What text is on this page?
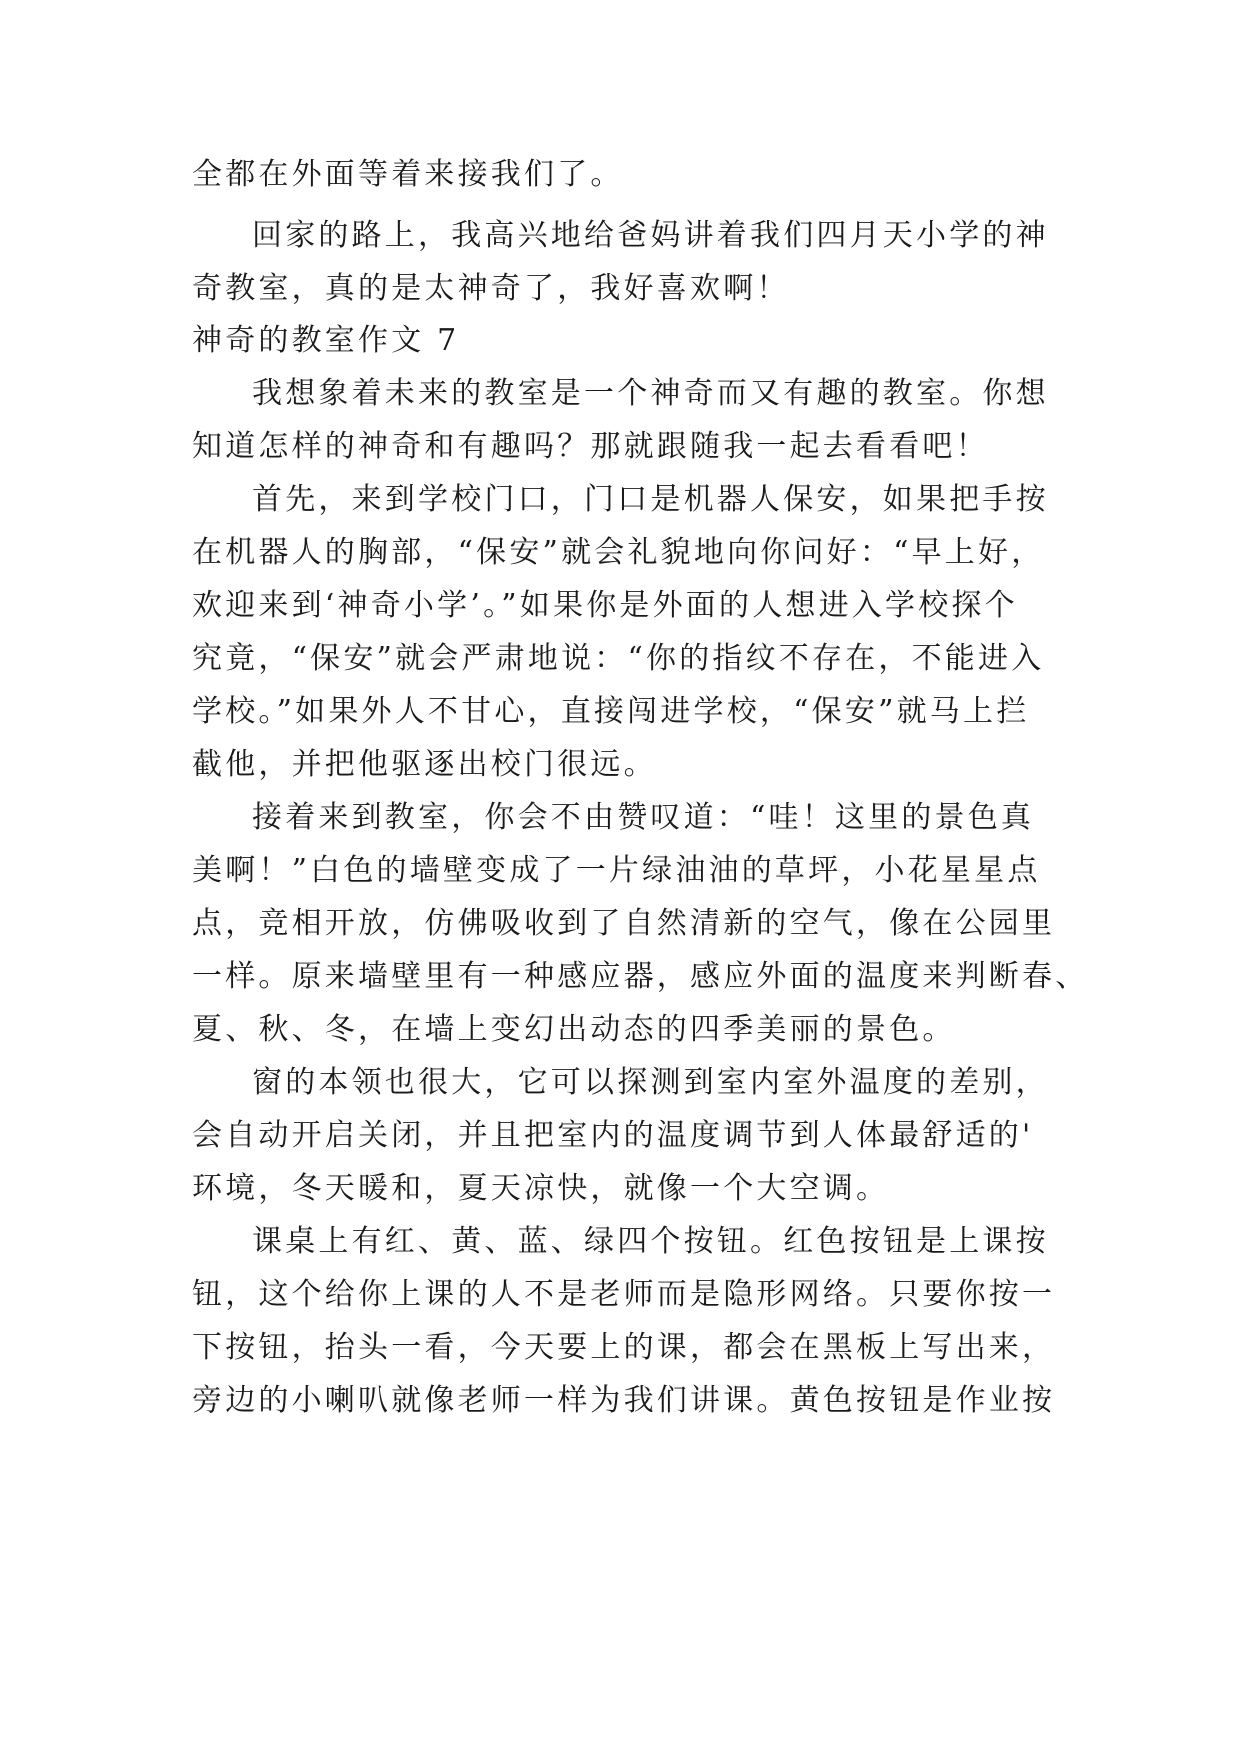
全都在外面等着来接我们了。
回家的路上，我高兴地给爸妈讲着我们四月天小学的神
奇教室，真的是太神奇了，我好喜欢啊！
神奇的教室作文 7
我想象着未来的教室是一个神奇而又有趣的教室。你想
知道怎样的神奇和有趣吗？那就跟随我一起去看看吧！
首先，来到学校门口，门口是机器人保安，如果把手按
在机器人的胸部，“保安”就会礼貌地向你问好：“早上好，
欢迎来到‘神奇小学’。”如果你是外面的人想进入学校探个
究竟，“保安”就会严肃地说：“你的指纹不存在，不能进入
学校。”如果外人不甘心，直接闯进学校，“保安”就马上拦
截他，并把他驱逐出校门很远。
接着来到教室，你会不由赞叹道：“哇！这里的景色真
美啊！”白色的墙壁变成了一片绿油油的草坪，小花星星点
点，竞相开放，仿佛吸收到了自然清新的空气，像在公园里
一样。原来墙壁里有一种感应器，感应外面的温度来判断春、
夏、秋、冬，在墙上变幻出动态的四季美丽的景色。
窗的本领也很大，它可以探测到室内室外温度的差别，
会自动开启关闭，并且把室内的温度调节到人体最舒适的'
环境，冬天暖和，夏天凉快，就像一个大空调。
课桌上有红、黄、蓝、绿四个按钮。红色按钮是上课按
钮，这个给你上课的人不是老师而是隐形网络。只要你按一
下按钮，抬头一看，今天要上的课，都会在黑板上写出来，
旁边的小喇叭就像老师一样为我们讲课。黄色按钮是作业按
